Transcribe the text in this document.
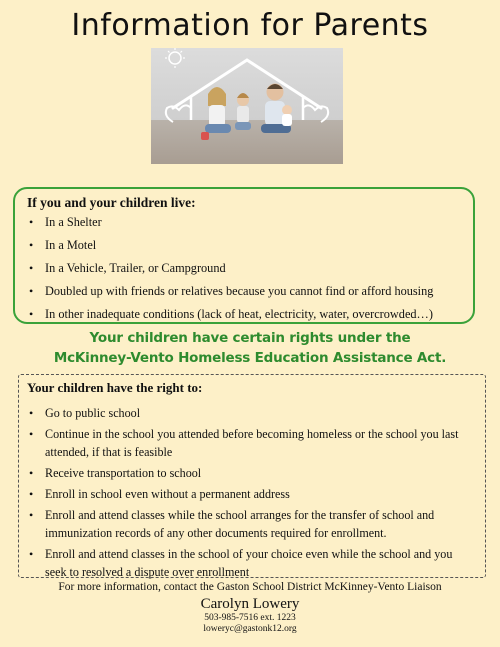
Information for Parents
If you and your children live:
• In a Shelter
• In a Motel
• In a Vehicle, Trailer, or Campground
• Doubled up with friends or relatives because you cannot find or afford housing
• In other inadequate conditions (lack of heat, electricity, water, overcrowded…)
Your children have certain rights under the
McKinney-Vento Homeless Education Assistance Act.
Your children have the right to:
• Go to public school
• Continue in the school you attended before becoming homeless or the school you last attended, if that is feasible
• Receive transportation to school
• Enroll in school even without a permanent address
• Enroll and attend classes while the school arranges for the transfer of school and immunization records of any other documents required for enrollment.
• Enroll and attend classes in the school of your choice even while the school and you seek to resolved a dispute over enrollment
For more information, contact the Gaston School District McKinney-Vento Liaison
Carolyn Lowery
503-985-7516 ext. 1223
loweryc@gastonk12.org
